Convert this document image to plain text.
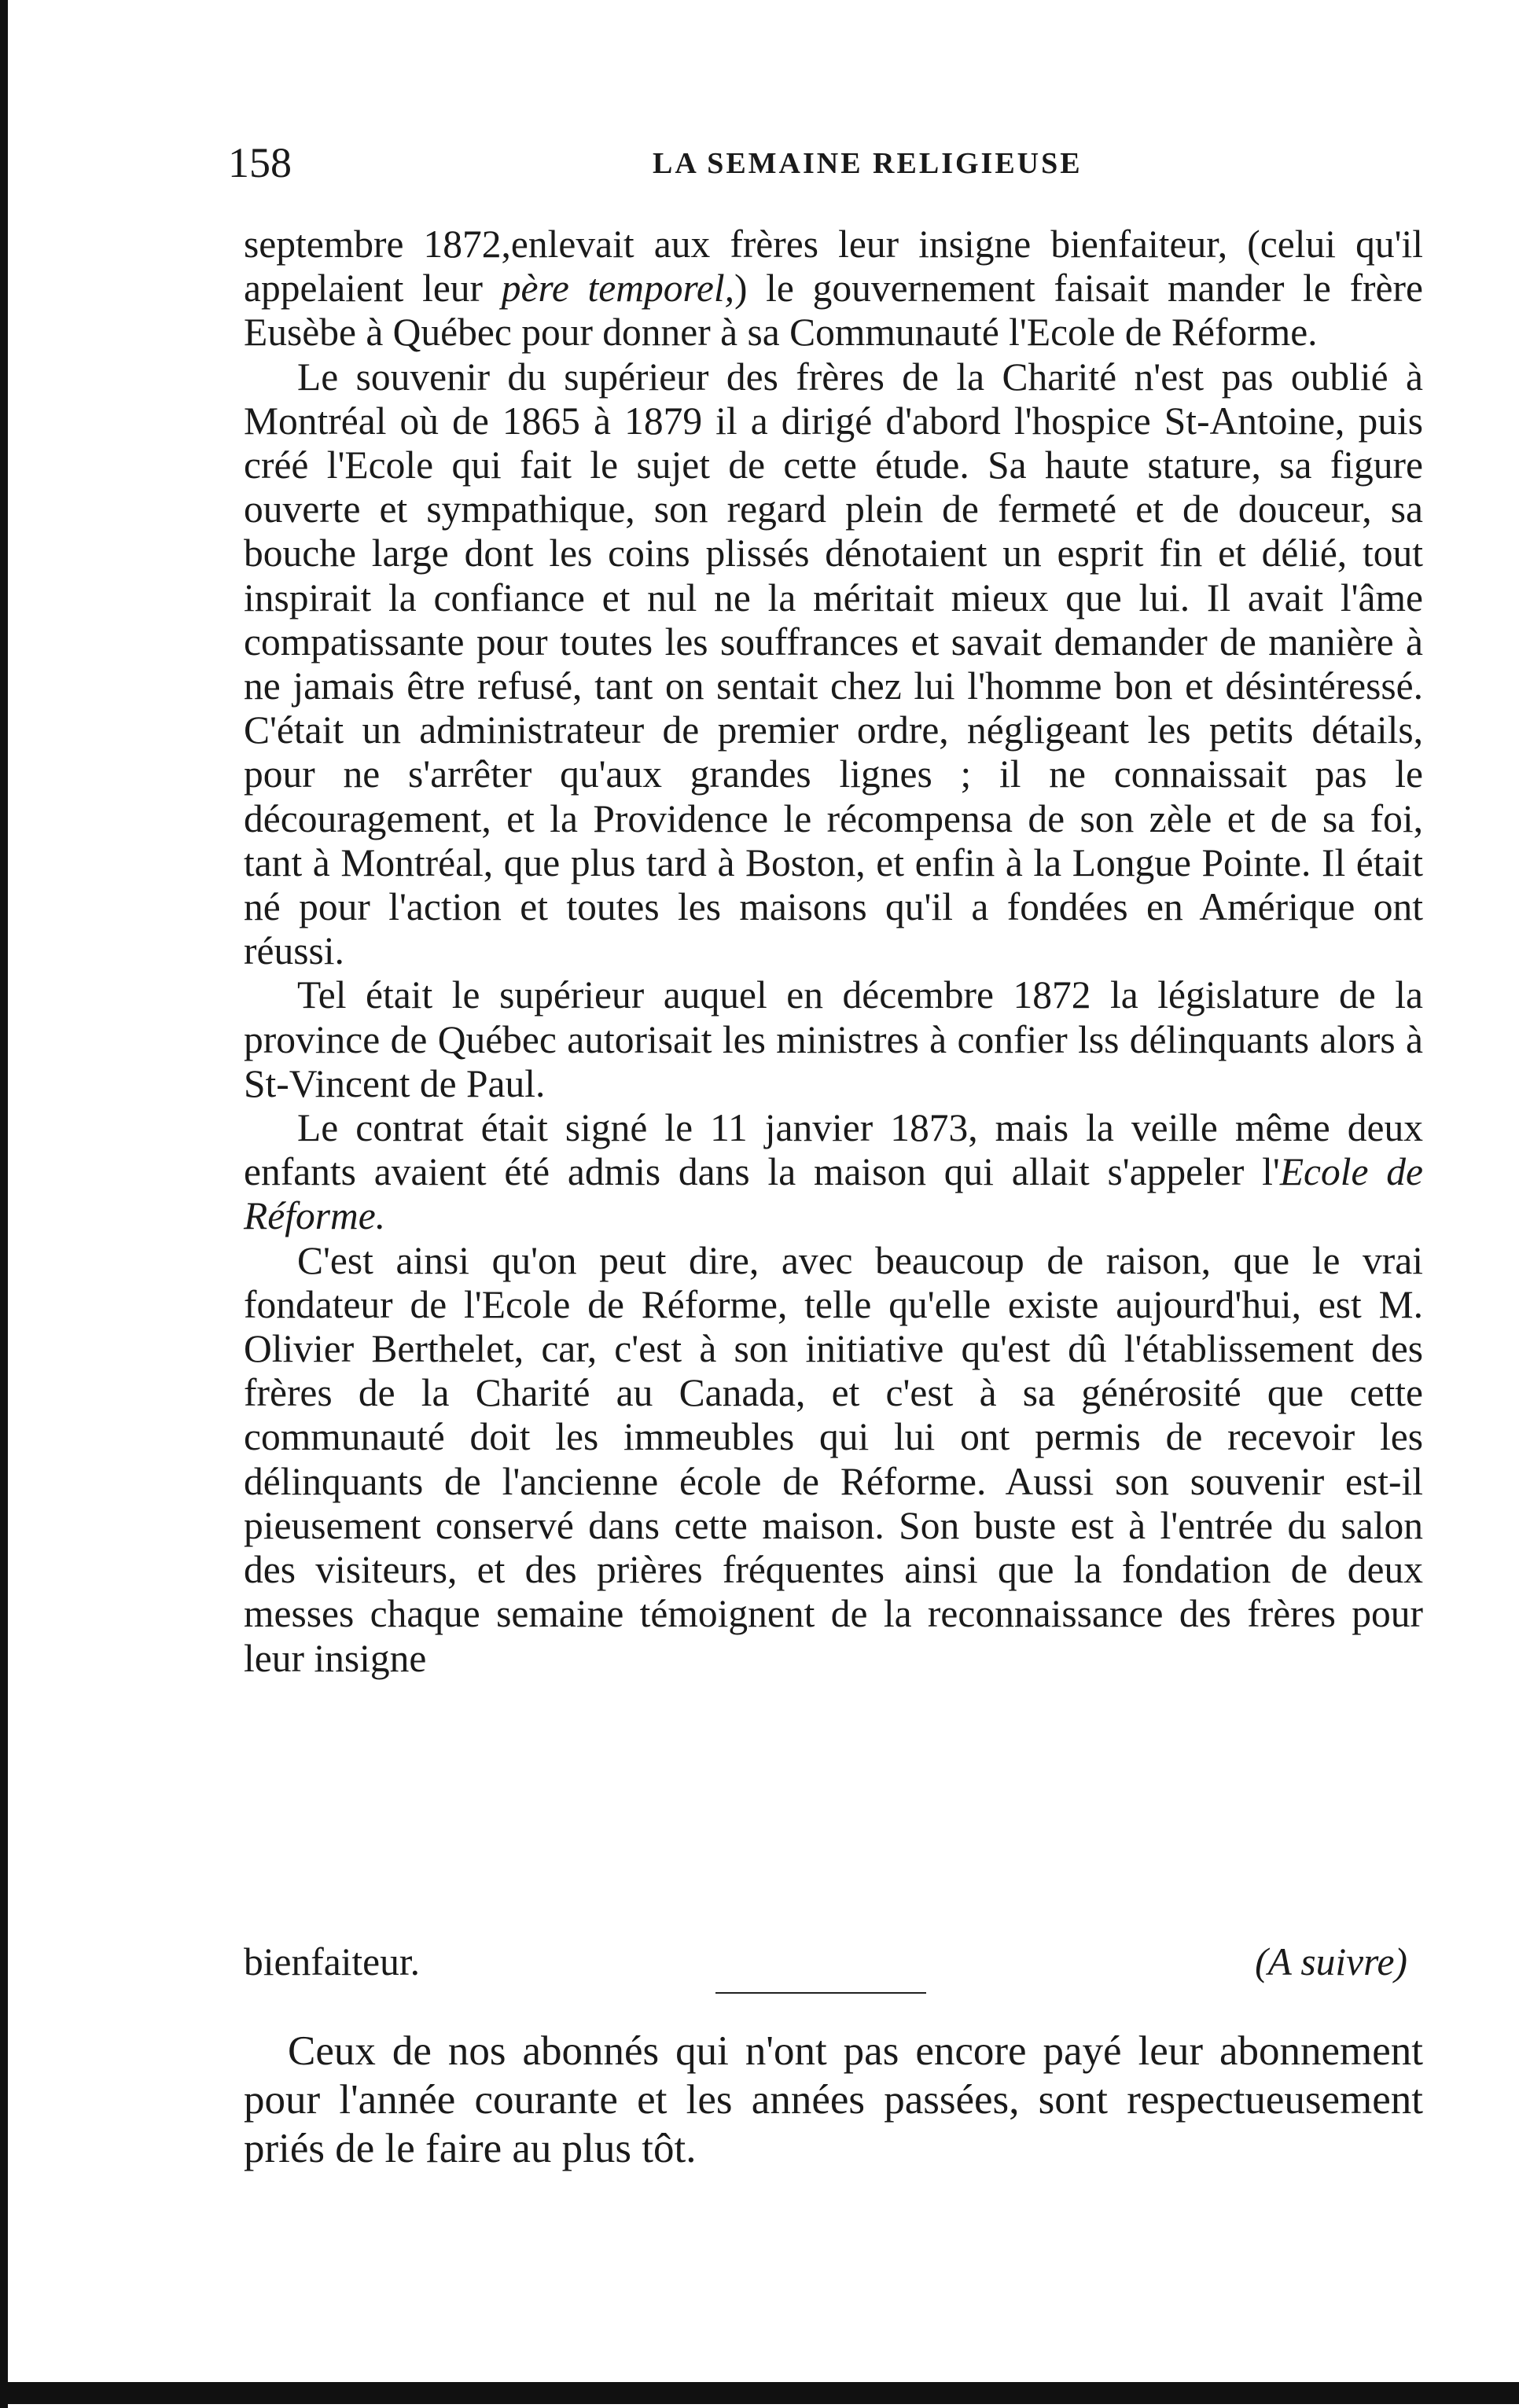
158	LA SEMAINE RELIGIEUSE

septembre 1872,enlevait aux frères leur insigne bienfaiteur, (celui qu'il appelaient leur père temporel,) le gouvernement faisait mander le frère Eusèbe à Québec pour donner à sa Communauté l'Ecole de Réforme.

Le souvenir du supérieur des frères de la Charité n'est pas oublié à Montréal où de 1865 à 1879 il a dirigé d'abord l'hospice St-Antoine, puis créé l'Ecole qui fait le sujet de cette étude. Sa haute stature, sa figure ouverte et sympathique, son regard plein de fermeté et de douceur, sa bouche large dont les coins plissés dénotaient un esprit fin et délié, tout inspirait la confiance et nul ne la méritait mieux que lui. Il avait l'âme compatissante pour toutes les souffrances et savait demander de manière à ne jamais être refusé, tant on sentait chez lui l'homme bon et désintéressé. C'était un administrateur de premier ordre, négligeant les petits détails, pour ne s'arrêter qu'aux grandes lignes ; il ne connaissait pas le découragement, et la Providence le récompensa de son zèle et de sa foi, tant à Montréal, que plus tard à Boston, et enfin à la Longue Pointe. Il était né pour l'action et toutes les maisons qu'il a fondées en Amérique ont réussi.

Tel était le supérieur auquel en décembre 1872 la législature de la province de Québec autorisait les ministres à confier lss délinquants alors à St-Vincent de Paul.

Le contrat était signé le 11 janvier 1873, mais la veille même deux enfants avaient été admis dans la maison qui allait s'appeler l'Ecole de Réforme.

C'est ainsi qu'on peut dire, avec beaucoup de raison, que le vrai fondateur de l'Ecole de Réforme, telle qu'elle existe aujourd'hui, est M. Olivier Berthelet, car, c'est à son initiative qu'est dû l'établissement des frères de la Charité au Canada, et c'est à sa générosité que cette communauté doit les immeubles qui lui ont permis de recevoir les délinquants de l'ancienne école de Réforme. Aussi son souvenir est-il pieusement conservé dans cette maison. Son buste est à l'entrée du salon des visiteurs, et des prières fréquentes ainsi que la fondation de deux messes chaque semaine témoignent de la reconnaissance des frères pour leur insigne

bienfaiteur.	(A suivre)
Ceux de nos abonnés qui n'ont pas encore payé leur abonnement pour l'année courante et les années passées, sont respectueusement priés de le faire au plus tôt.
